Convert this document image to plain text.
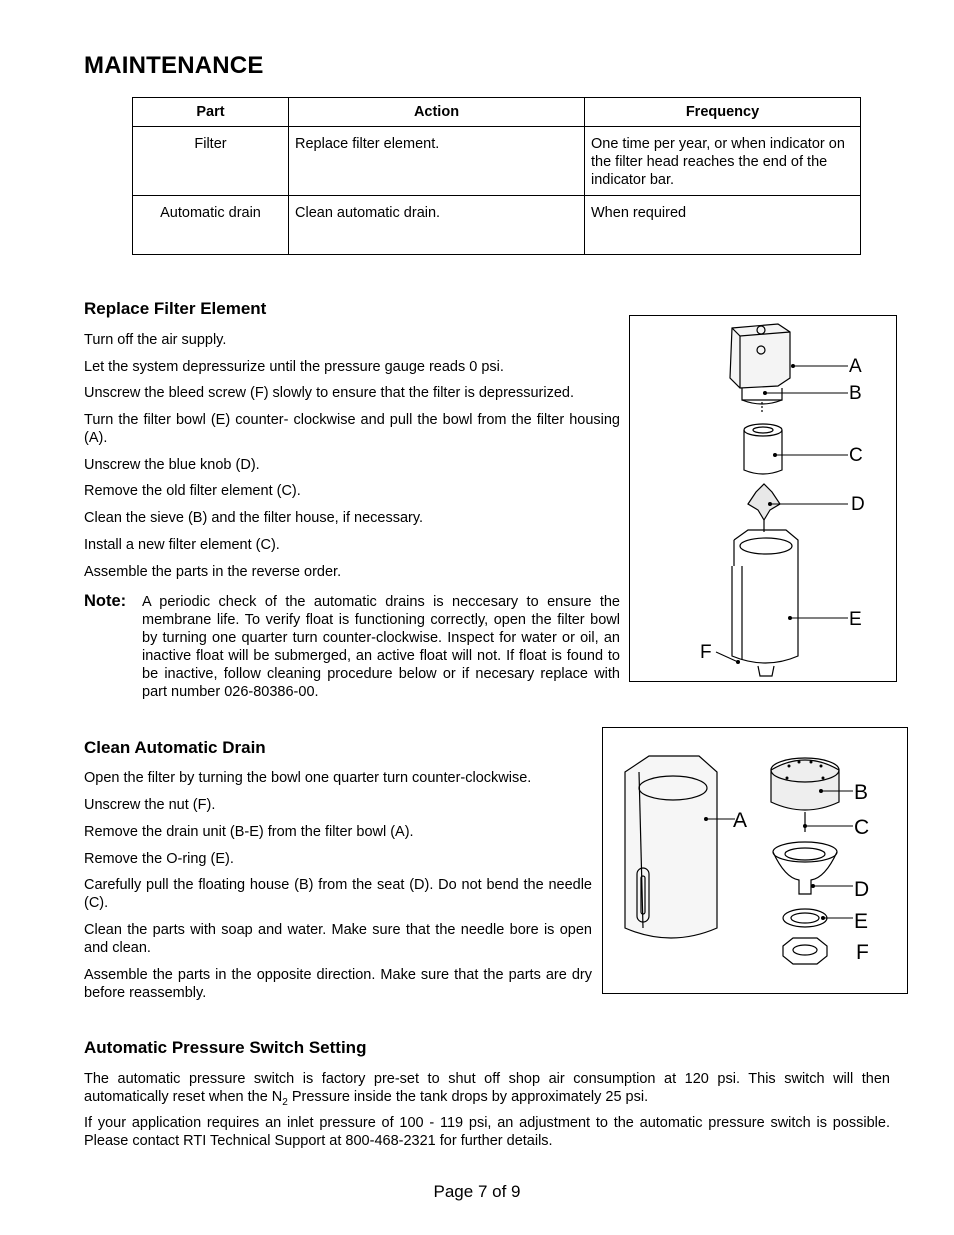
MAINTENANCE
Part	Action	Frequency
Filter	Replace filter element.	One time per year, or when indicator on the filter head reaches the end of the indicator bar.
Automatic drain	Clean automatic drain.	When required
Replace Filter Element

Turn off the air supply.

Let the system depressurize until the pressure gauge reads 0 psi.

Unscrew the bleed screw (F) slowly to ensure that the filter is depressurized.

Turn the filter bowl (E) counter- clockwise and pull the bowl from the filter housing (A).

Unscrew the blue knob (D).

Remove the old filter element (C).

Clean the sieve (B) and the filter house, if necessary.

Install a new filter element (C).

Assemble the parts in the reverse order.

Note: A periodic check of the automatic drains is neccesary to ensure the membrane life. To verify float is functioning correctly, open the filter bowl by turning one quarter turn counter-clockwise. Inspect for water or oil, an inactive float will be submerged, an active float will not. If float is found to be inactive, follow cleaning procedure below or if necesary replace with part number 026-80386-00.
A
B
C
D
E
F
Clean Automatic Drain

Open the filter by turning the bowl one quarter turn counter-clockwise.

Unscrew the nut (F).

Remove the drain unit (B-E) from the filter bowl (A).

Remove the O-ring (E).

Carefully pull the floating house (B) from the seat (D). Do not bend the needle (C).

Clean the parts with soap and water. Make sure that the needle bore is open and clean.

Assemble the parts in the opposite direction. Make sure that the parts are dry before reassembly.

A
B
C
D
E
F
Automatic Pressure Switch Setting

The automatic pressure switch is factory pre-set to shut off shop air consumption at 120 psi. This switch will then automatically reset when the $N_2$ Pressure inside the tank drops by approximately 25 psi.

If your application requires an inlet pressure of 100 - 119 psi, an adjustment to the automatic pressure switch is possible. Please contact RTI Technical Support at 800-468-2321 for further details.

Page 7 of 9
